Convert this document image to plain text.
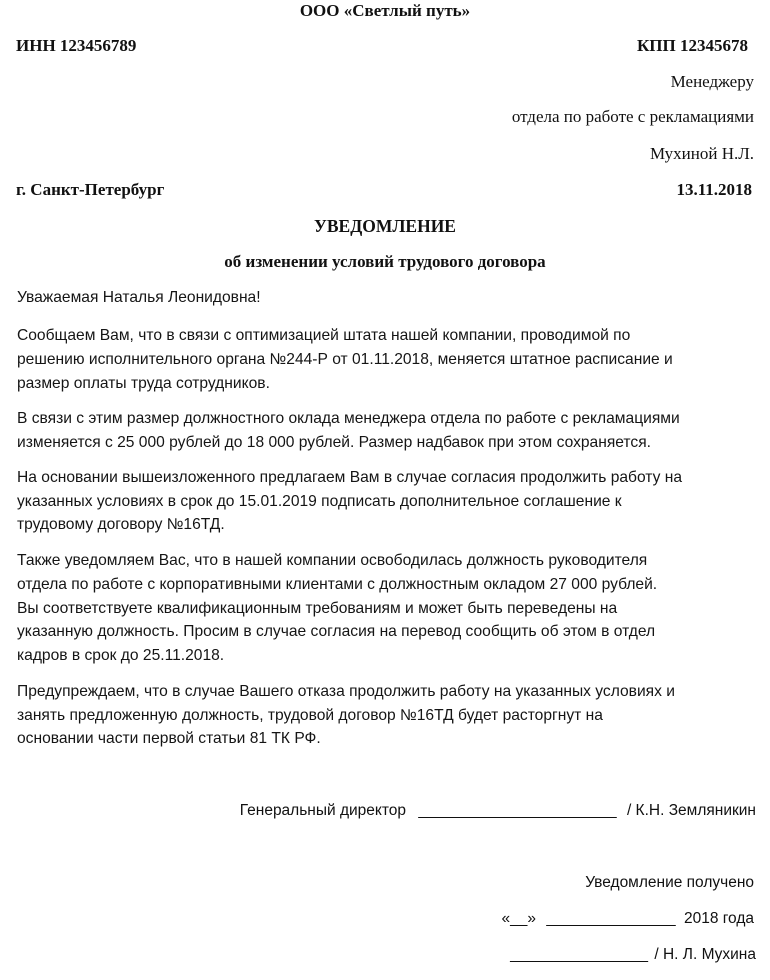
ООО «Светлый путь»
ИНН 123456789	КПП 12345678
Менеджеру
отдела по работе с рекламациями
Мухиной Н.Л.
г. Санкт-Петербург	13.11.2018
УВЕДОМЛЕНИЕ
об изменении условий трудового договора
Уважаемая Наталья Леонидовна!
Сообщаем Вам, что в связи с оптимизацией штата нашей компании, проводимой по
решению исполнительного органа №244-Р от 01.11.2018, меняется штатное расписание и
размер оплаты труда сотрудников.
В связи с этим размер должностного оклада менеджера отдела по работе с рекламациями
изменяется с 25 000 рублей до 18 000 рублей. Размер надбавок при этом сохраняется.
На основании вышеизложенного предлагаем Вам в случае согласия продолжить работу на
указанных условиях в срок до 15.01.2019 подписать дополнительное соглашение к
трудовому договору №16ТД.
Также уведомляем Вас, что в нашей компании освободилась должность руководителя
отдела по работе с корпоративными клиентами с должностным окладом 27 000 рублей.
Вы соответствуете квалификационным требованиям и может быть переведены на
указанную должность. Просим в случае согласия на перевод сообщить об этом в отдел
кадров в срок до 25.11.2018.
Предупреждаем, что в случае Вашего отказа продолжить работу на указанных условиях и
занять предложенную должность, трудовой договор №16ТД будет расторгнут на
основании части первой статьи 81 ТК РФ.
Генеральный директор _______________________ / К.Н. Земляникин
Уведомление получено
«__» _______________ 2018 года
________________ / Н. Л. Мухина
